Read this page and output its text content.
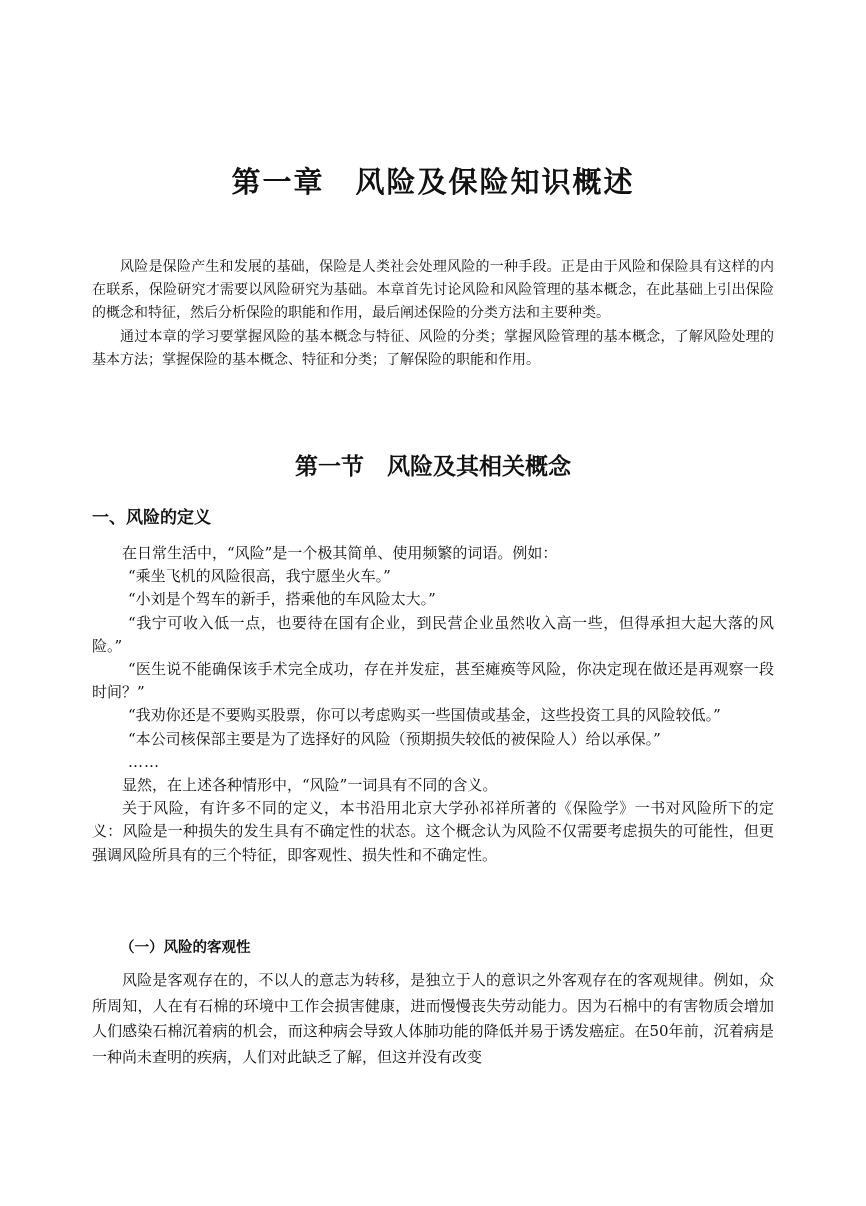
第一章　风险及保险知识概述

风险是保险产生和发展的基础，保险是人类社会处理风险的一种手段。正是由于风险和保险具有这样的内在联系，保险研究才需要以风险研究为基础。本章首先讨论风险和风险管理的基本概念，在此基础上引出保险的概念和特征，然后分析保险的职能和作用，最后阐述保险的分类方法和主要种类。

通过本章的学习要掌握风险的基本概念与特征、风险的分类；掌握风险管理的基本概念，了解风险处理的基本方法；掌握保险的基本概念、特征和分类；了解保险的职能和作用。

第一节　风险及其相关概念
一、风险的定义

在日常生活中，“风险”是一个极其简单、使用频繁的词语。例如：

“乘坐飞机的风险很高，我宁愿坐火车。”

“小刘是个驾车的新手，搭乘他的车风险太大。”

“我宁可收入低一点，也要待在国有企业，到民营企业虽然收入高一些，但得承担大起大落的风险。”

“医生说不能确保该手术完全成功，存在并发症，甚至瘫痪等风险，你决定现在做还是再观察一段时间？”

“我劝你还是不要购买股票，你可以考虑购买一些国债或基金，这些投资工具的风险较低。”

“本公司核保部主要是为了选择好的风险（预期损失较低的被保险人）给以承保。”

……

显然，在上述各种情形中，“风险”一词具有不同的含义。

关于风险，有许多不同的定义，本书沿用北京大学孙祁祥所著的《保险学》一书对风险所下的定义：风险是一种损失的发生具有不确定性的状态。这个概念认为风险不仅需要考虑损失的可能性，但更强调风险所具有的三个特征，即客观性、损失性和不确定性。

（一）风险的客观性

风险是客观存在的，不以人的意志为转移，是独立于人的意识之外客观存在的客观规律。例如，众所周知，人在有石棉的环境中工作会损害健康，进而慢慢丧失劳动能力。因为石棉中的有害物质会增加人们感染石棉沉着病的机会，而这种病会导致人体肺功能的降低并易于诱发癌症。在50年前，沉着病是一种尚未查明的疾病，人们对此缺乏了解，但这并没有改变
